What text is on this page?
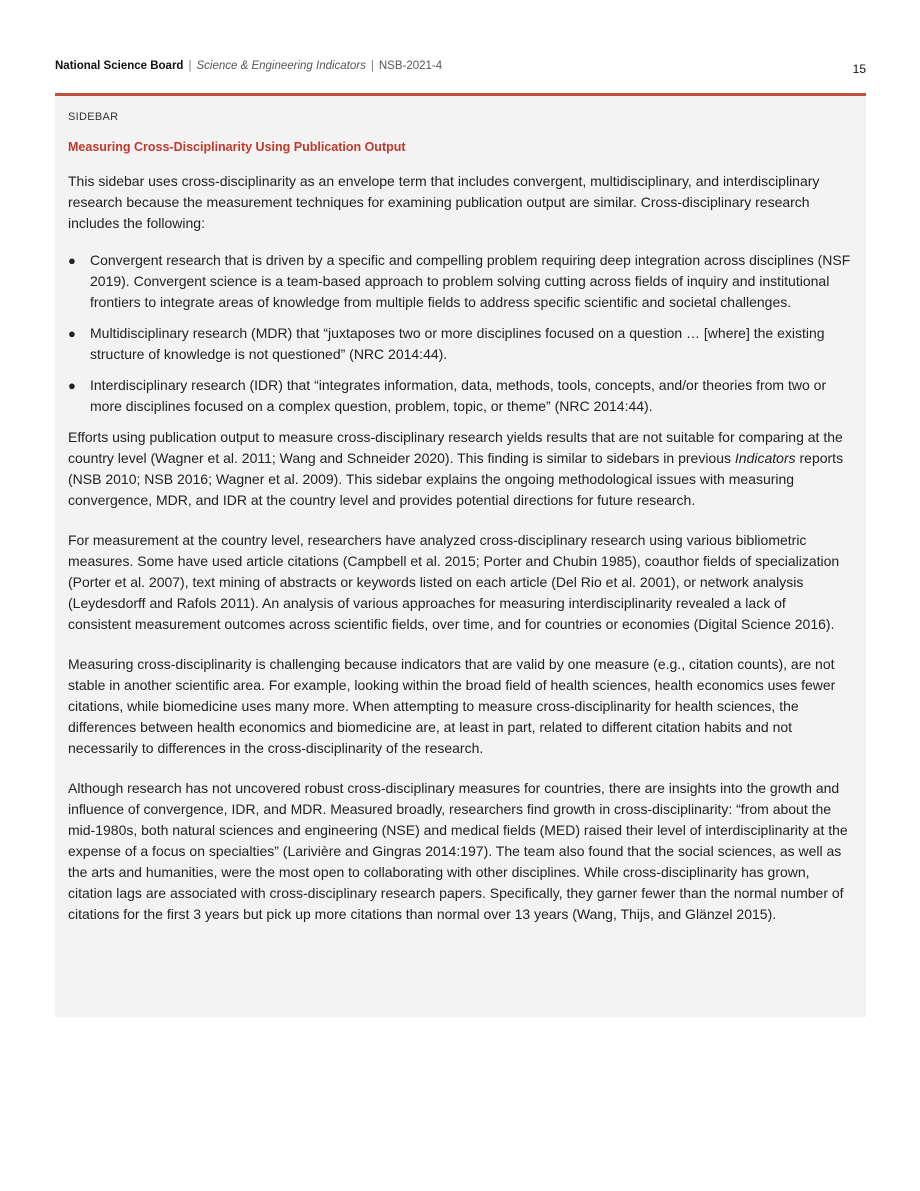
National Science Board | Science & Engineering Indicators | NSB-2021-4	15
SIDEBAR
Measuring Cross-Disciplinarity Using Publication Output

This sidebar uses cross-disciplinarity as an envelope term that includes convergent, multidisciplinary, and interdisciplinary research because the measurement techniques for examining publication output are similar. Cross-disciplinary research includes the following:

● Convergent research that is driven by a specific and compelling problem requiring deep integration across disciplines (NSF 2019). Convergent science is a team-based approach to problem solving cutting across fields of inquiry and institutional frontiers to integrate areas of knowledge from multiple fields to address specific scientific and societal challenges.
● Multidisciplinary research (MDR) that “juxtaposes two or more disciplines focused on a question … [where] the existing structure of knowledge is not questioned” (NRC 2014:44).
● Interdisciplinary research (IDR) that “integrates information, data, methods, tools, concepts, and/or theories from two or more disciplines focused on a complex question, problem, topic, or theme” (NRC 2014:44).

Efforts using publication output to measure cross-disciplinary research yields results that are not suitable for comparing at the country level (Wagner et al. 2011; Wang and Schneider 2020). This finding is similar to sidebars in previous Indicators reports (NSB 2010; NSB 2016; Wagner et al. 2009). This sidebar explains the ongoing methodological issues with measuring convergence, MDR, and IDR at the country level and provides potential directions for future research.

For measurement at the country level, researchers have analyzed cross-disciplinary research using various bibliometric measures. Some have used article citations (Campbell et al. 2015; Porter and Chubin 1985), coauthor fields of specialization (Porter et al. 2007), text mining of abstracts or keywords listed on each article (Del Rio et al. 2001), or network analysis (Leydesdorff and Rafols 2011). An analysis of various approaches for measuring interdisciplinarity revealed a lack of consistent measurement outcomes across scientific fields, over time, and for countries or economies (Digital Science 2016).

Measuring cross-disciplinarity is challenging because indicators that are valid by one measure (e.g., citation counts), are not stable in another scientific area. For example, looking within the broad field of health sciences, health economics uses fewer citations, while biomedicine uses many more. When attempting to measure cross-disciplinarity for health sciences, the differences between health economics and biomedicine are, at least in part, related to different citation habits and not necessarily to differences in the cross-disciplinarity of the research.

Although research has not uncovered robust cross-disciplinary measures for countries, there are insights into the growth and influence of convergence, IDR, and MDR. Measured broadly, researchers find growth in cross-disciplinarity: “from about the mid-1980s, both natural sciences and engineering (NSE) and medical fields (MED) raised their level of interdisciplinarity at the expense of a focus on specialties” (Larivière and Gingras 2014:197). The team also found that the social sciences, as well as the arts and humanities, were the most open to collaborating with other disciplines. While cross-disciplinarity has grown, citation lags are associated with cross-disciplinary research papers. Specifically, they garner fewer than the normal number of citations for the first 3 years but pick up more citations than normal over 13 years (Wang, Thijs, and Glänzel 2015).
